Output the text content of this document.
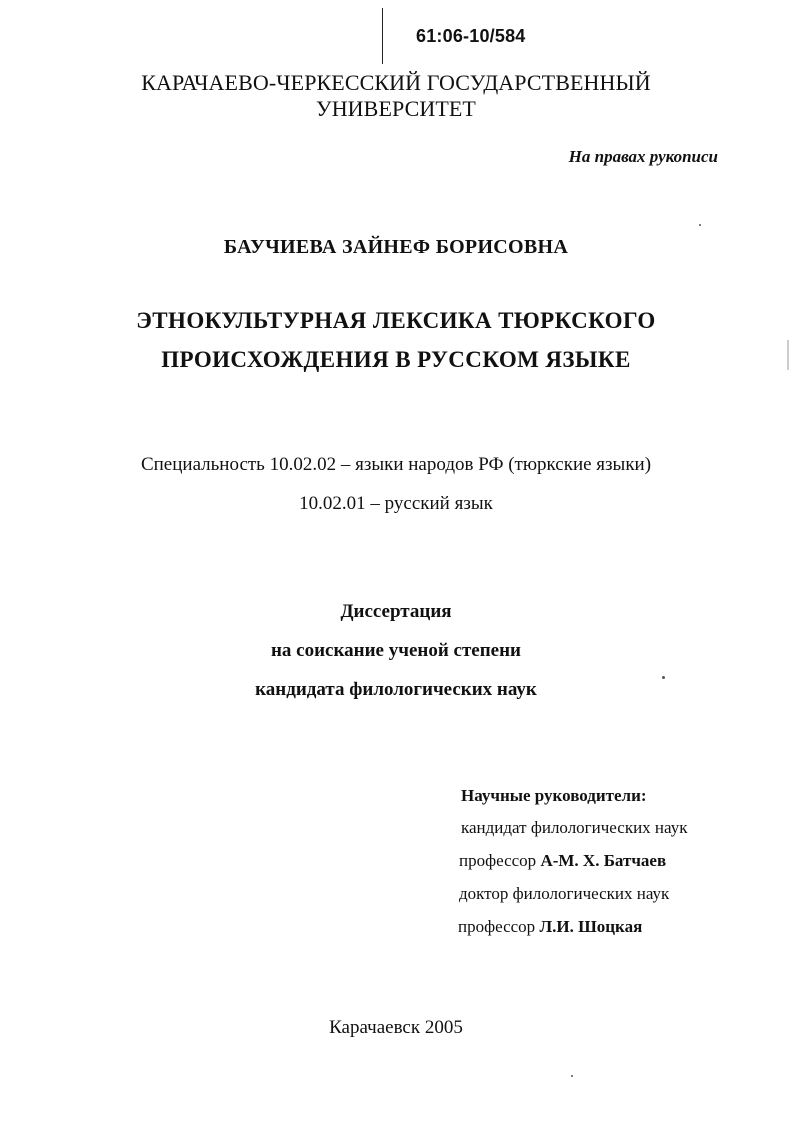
61:06-10/584
КАРАЧАЕВО-ЧЕРКЕССКИЙ ГОСУДАРСТВЕННЫЙ
УНИВЕРСИТЕТ
На правах рукописи
БАУЧИЕВА ЗАЙНЕФ БОРИСОВНА
ЭТНОКУЛЬТУРНАЯ ЛЕКСИКА ТЮРКСКОГО
ПРОИСХОЖДЕНИЯ В РУССКОМ ЯЗЫКЕ
Специальность 10.02.02 – языки народов РФ (тюркские языки)
10.02.01 – русский язык
Диссертация
на соискание ученой степени
кандидата филологических наук
Научные руководители:
кандидат филологических наук
профессор А-М. Х. Батчаев
доктор филологических наук
профессор Л.И. Шоцкая
Карачаевск 2005
